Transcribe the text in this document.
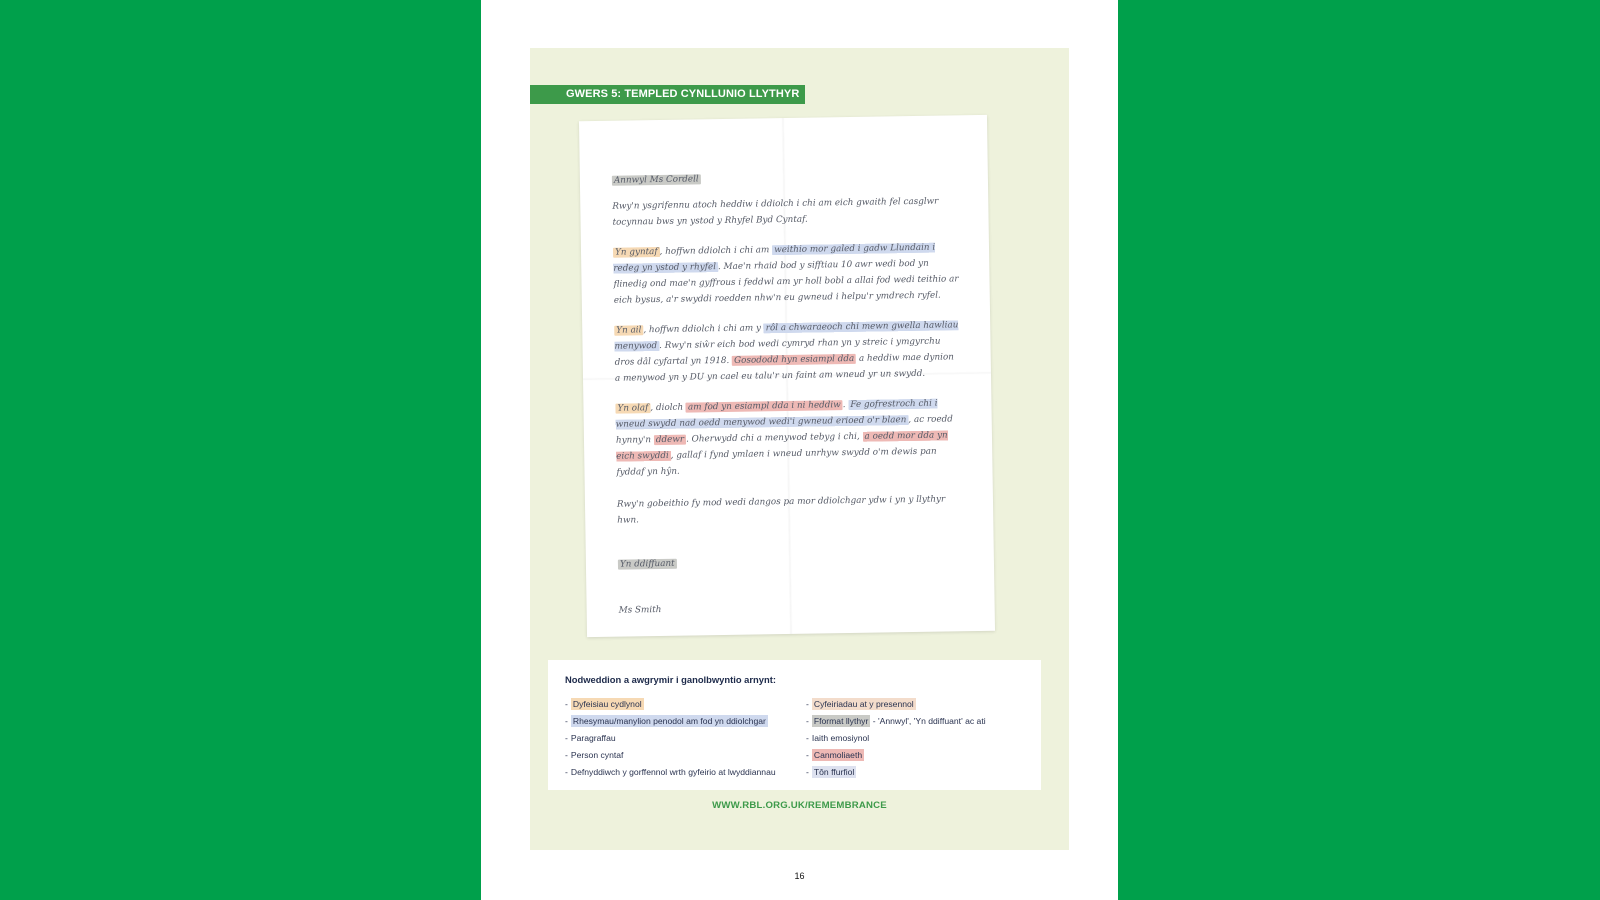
GWERS 5: TEMPLED CYNLLUNIO LLYTHYR
Annwyl Ms Cordell
Rwy'n ysgrifennu atoch heddiw i ddiolch i chi am eich gwaith fel casglwr tocynnau bws yn ystod y Rhyfel Byd Cyntaf.
Yn gyntaf , hoffwn ddiolch i chi am weithio mor galed i gadw Llundain i redeg yn ystod y rhyfel . Mae'n rhaid bod y sifftiau 10 awr wedi bod yn flinedig ond mae'n gyffrous i feddwl am yr holl bobl a allai fod wedi teithio ar eich bysus, a'r swyddi roedden nhw'n eu gwneud i helpu'r ymdrech ryfel.
Yn ail , hoffwn ddiolch i chi am y rôl a chwaraeoch chi mewn gwella hawliau menywod . Rwy'n siŵr eich bod wedi cymryd rhan yn y streic i ymgyrchu dros dâl cyfartal yn 1918. Gosododd hyn esiampl dda a heddiw mae dynion a menywod yn y DU yn cael eu talu'r un faint am wneud yr un swydd.
Yn olaf , diolch am fod yn esiampl dda i ni heddiw . Fe gofrestroch chi i wneud swydd nad oedd menywod wedi'i gwneud erioed o'r blaen , ac roedd hynny'n ddewr . Oherwydd chi a menywod tebyg i chi, a oedd mor dda yn eich swyddi , gallaf i fynd ymlaen i wneud unrhyw swydd o'm dewis pan fyddaf yn hŷn.
Rwy'n gobeithio fy mod wedi dangos pa mor ddiolchgar ydw i yn y llythyr hwn.
Yn ddiffuant
Ms Smith
Nodweddion a awgrymir i ganolbwyntio arnynt:
- Dyfeisiau cydlynol
- Rhesymau/manylion penodol am fod yn ddiolchgar
- Paragraffau
- Person cyntaf
- Defnyddiwch y gorffennol wrth gyfeirio at lwyddiannau
- Cyfeiriadau at y presennol
- Fformat llythyr - 'Annwyl', 'Yn ddiffuant' ac ati
- Iaith emosiynol
- Canmoliaeth
- Tôn ffurfiol
WWW.RBL.ORG.UK/REMEMBRANCE
16
